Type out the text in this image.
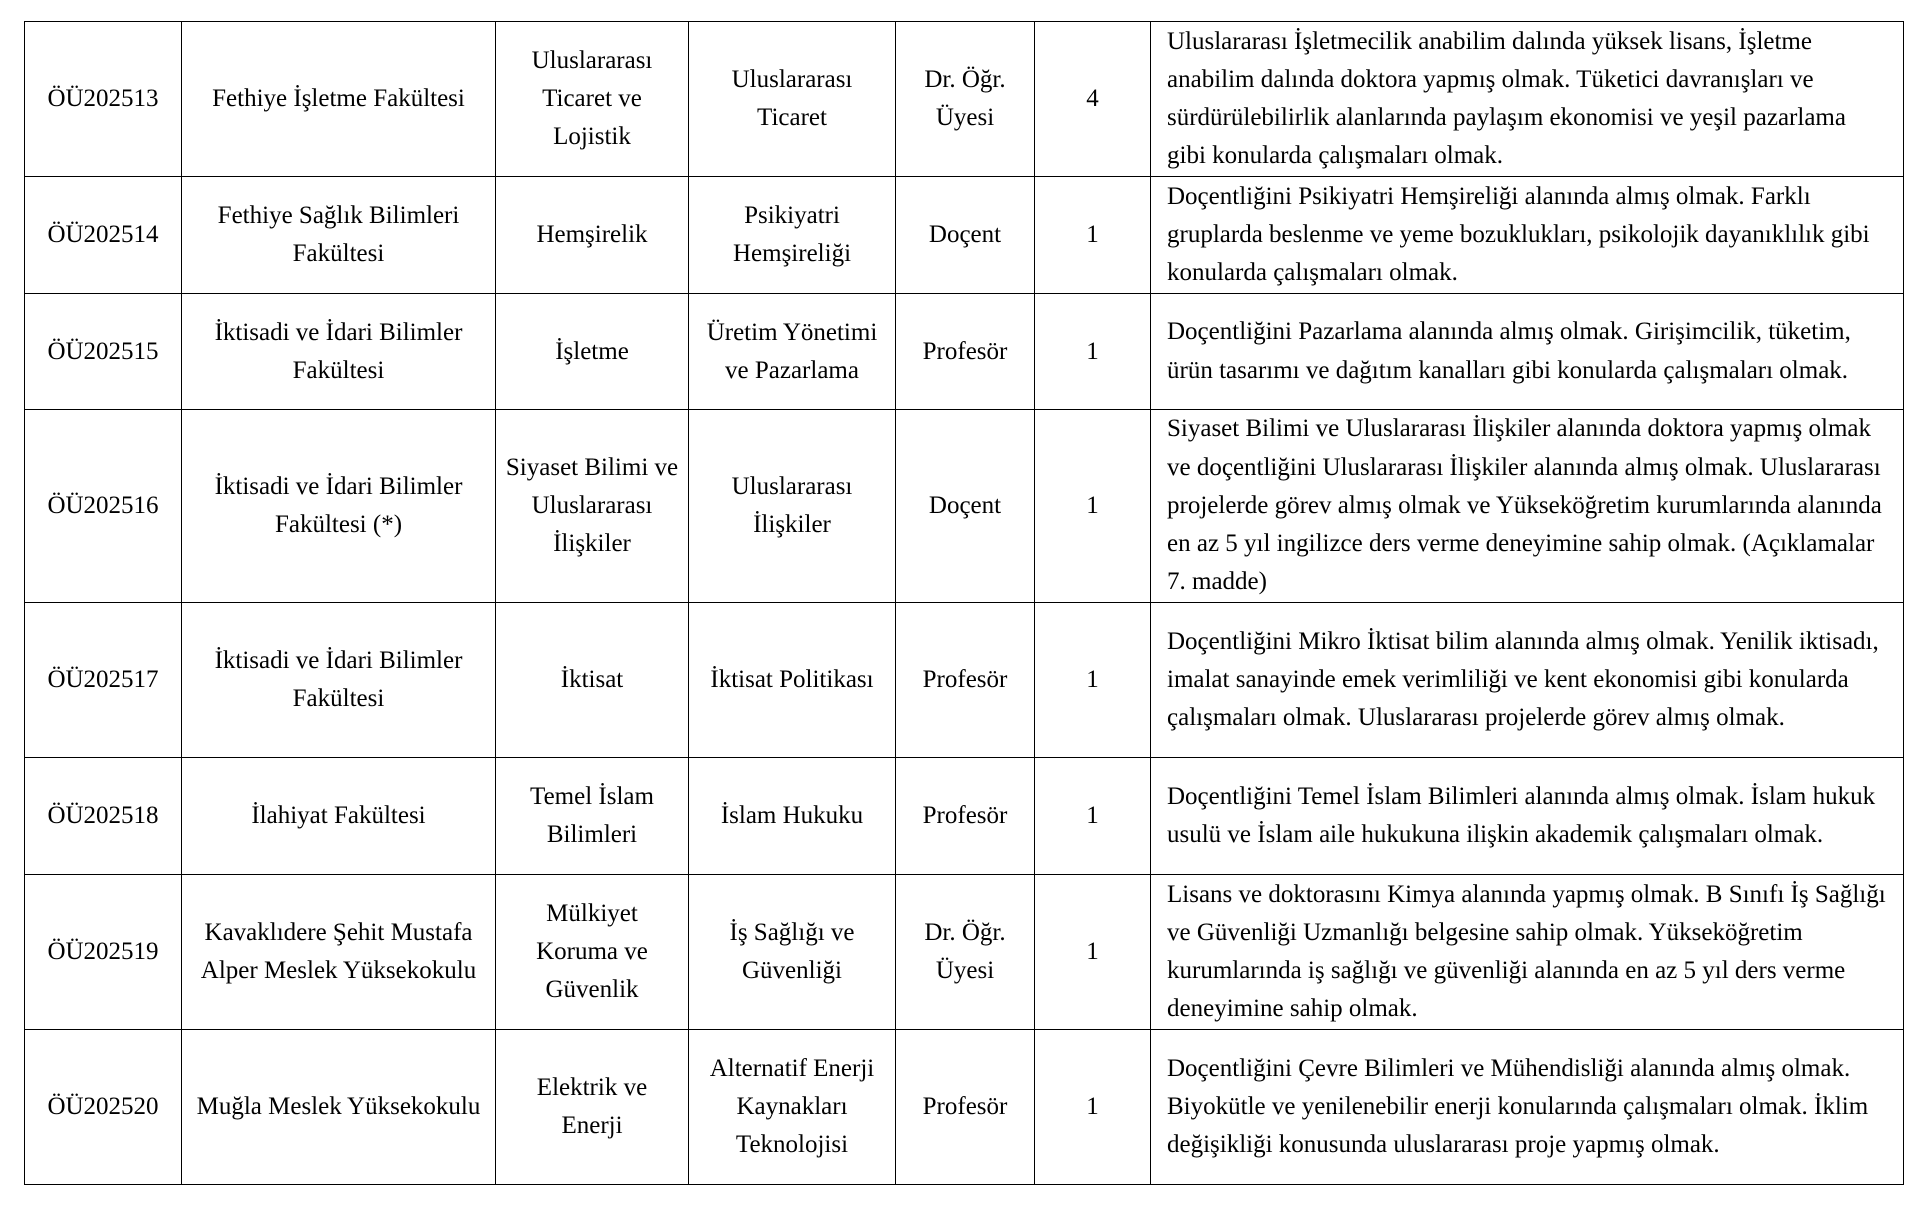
ÖÜ202513	Fethiye İşletme Fakültesi	Uluslararası Ticaret ve Lojistik	Uluslararası Ticaret	Dr. Öğr. Üyesi	4	Uluslararası İşletmecilik anabilim dalında yüksek lisans, İşletme anabilim dalında doktora yapmış olmak. Tüketici davranışları ve sürdürülebilirlik alanlarında paylaşım ekonomisi ve yeşil pazarlama gibi konularda çalışmaları olmak.
ÖÜ202514	Fethiye Sağlık Bilimleri Fakültesi	Hemşirelik	Psikiyatri Hemşireliği	Doçent	1	Doçentliğini Psikiyatri Hemşireliği alanında almış olmak. Farklı gruplarda beslenme ve yeme bozuklukları, psikolojik dayanıklılık gibi konularda çalışmaları olmak.
ÖÜ202515	İktisadi ve İdari Bilimler Fakültesi	İşletme	Üretim Yönetimi ve Pazarlama	Profesör	1	Doçentliğini Pazarlama alanında almış olmak. Girişimcilik, tüketim, ürün tasarımı ve dağıtım kanalları gibi konularda çalışmaları olmak.
ÖÜ202516	İktisadi ve İdari Bilimler Fakültesi (*)	Siyaset Bilimi ve Uluslararası İlişkiler	Uluslararası İlişkiler	Doçent	1	Siyaset Bilimi ve Uluslararası İlişkiler alanında doktora yapmış olmak ve doçentliğini Uluslararası İlişkiler alanında almış olmak. Uluslararası projelerde görev almış olmak ve Yükseköğretim kurumlarında alanında en az 5 yıl ingilizce ders verme deneyimine sahip olmak. (Açıklamalar 7. madde)
ÖÜ202517	İktisadi ve İdari Bilimler Fakültesi	İktisat	İktisat Politikası	Profesör	1	Doçentliğini Mikro İktisat bilim alanında almış olmak. Yenilik iktisadı, imalat sanayinde emek verimliliği ve kent ekonomisi gibi konularda çalışmaları olmak. Uluslararası projelerde görev almış olmak.
ÖÜ202518	İlahiyat Fakültesi	Temel İslam Bilimleri	İslam Hukuku	Profesör	1	Doçentliğini Temel İslam Bilimleri alanında almış olmak. İslam hukuk usulü ve İslam aile hukukuna ilişkin akademik çalışmaları olmak.
ÖÜ202519	Kavaklıdere Şehit Mustafa Alper Meslek Yüksekokulu	Mülkiyet Koruma ve Güvenlik	İş Sağlığı ve Güvenliği	Dr. Öğr. Üyesi	1	Lisans ve doktorasını Kimya alanında yapmış olmak. B Sınıfı İş Sağlığı ve Güvenliği Uzmanlığı belgesine sahip olmak. Yükseköğretim kurumlarında iş sağlığı ve güvenliği alanında en az 5 yıl ders verme deneyimine sahip olmak.
ÖÜ202520	Muğla Meslek Yüksekokulu	Elektrik ve Enerji	Alternatif Enerji Kaynakları Teknolojisi	Profesör	1	Doçentliğini Çevre Bilimleri ve Mühendisliği alanında almış olmak. Biyokütle ve yenilenebilir enerji konularında çalışmaları olmak. İklim değişikliği konusunda uluslararası proje yapmış olmak.
